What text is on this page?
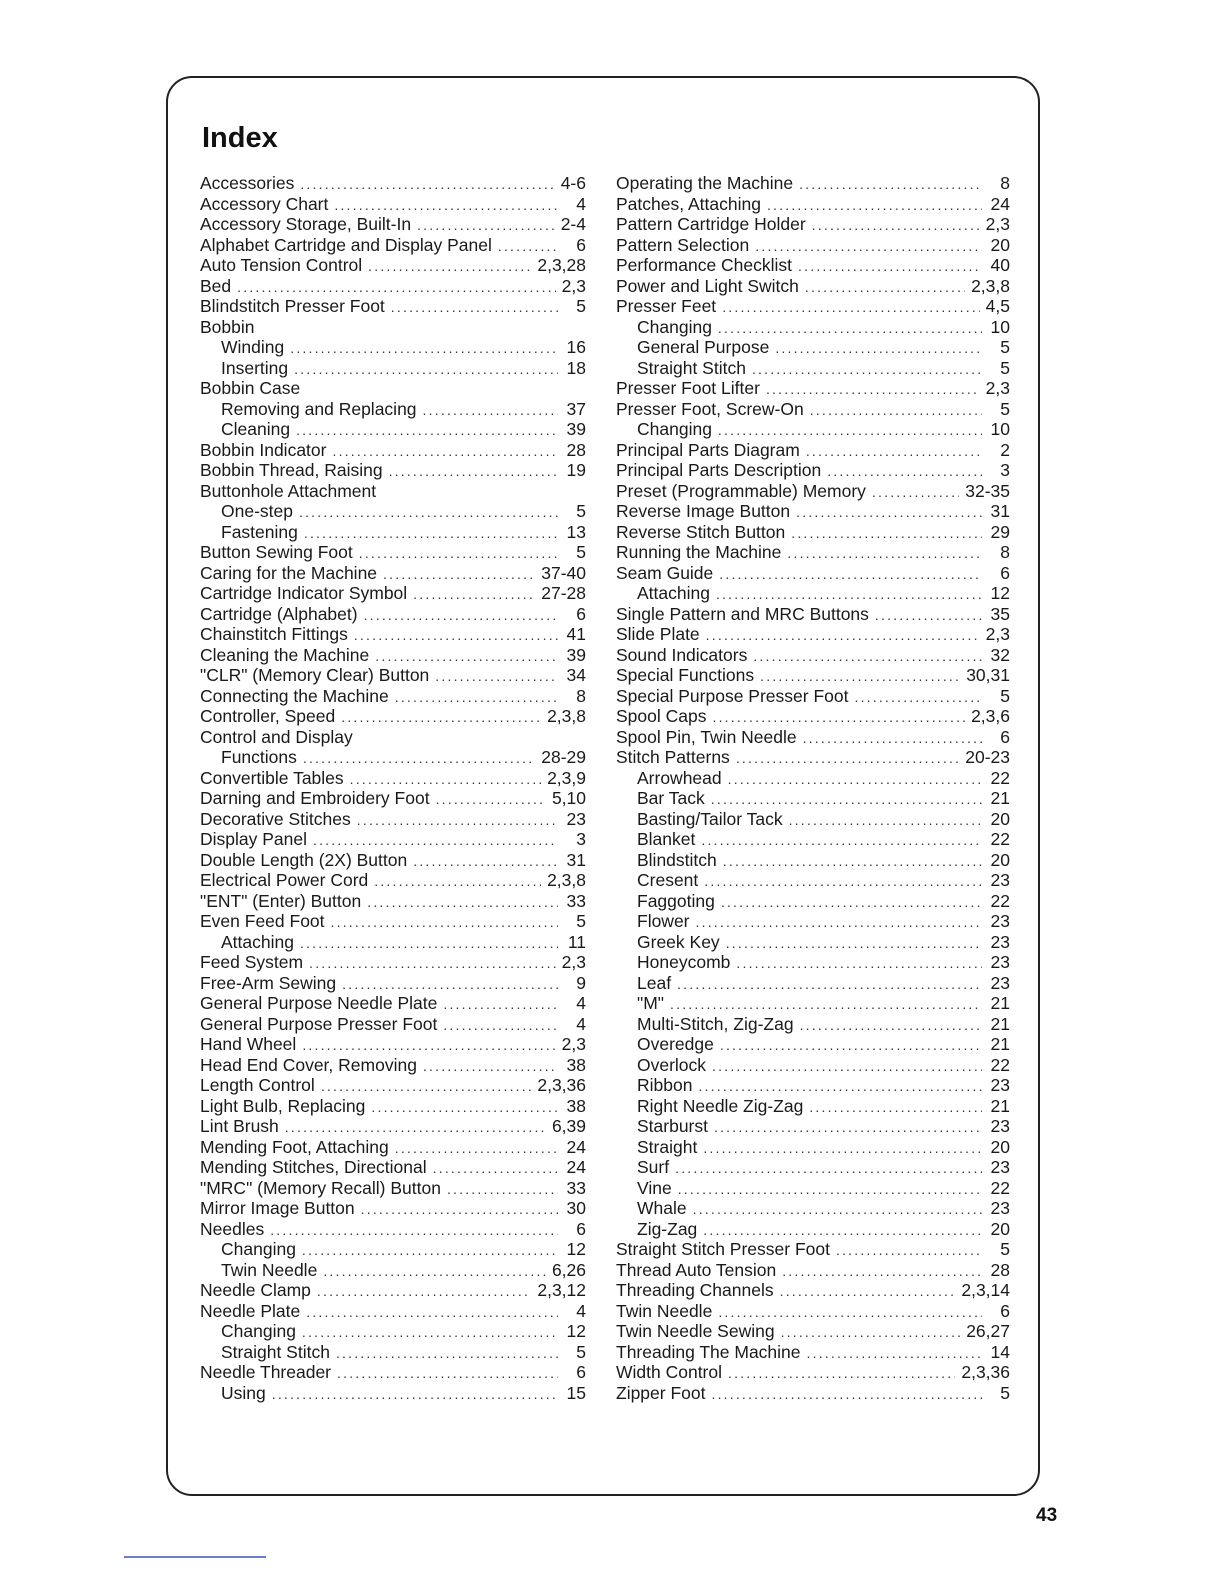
Index
Accessories .....	4-6
Accessory Chart .....	4
Accessory Storage, Built-In .....	2-4
Alphabet Cartridge and Display Panel .....	6
Auto Tension Control .....	2,3,28
Bed .....	2,3
Blindstitch Presser Foot .....	5
Bobbin
Winding .....	16
Inserting .....	18
Bobbin Case
Removing and Replacing .....	37
Cleaning .....	39
Bobbin Indicator .....	28
Bobbin Thread, Raising .....	19
Buttonhole Attachment
One-step .....	5
Fastening .....	13
Button Sewing Foot .....	5
Caring for the Machine .....	37-40
Cartridge Indicator Symbol .....	27-28
Cartridge (Alphabet) .....	6
Chainstitch Fittings .....	41
Cleaning the Machine .....	39
"CLR" (Memory Clear) Button .....	34
Connecting the Machine .....	8
Controller, Speed .....	2,3,8
Control and Display
Functions .....	28-29
Convertible Tables .....	2,3,9
Darning and Embroidery Foot .....	5,10
Decorative Stitches .....	23
Display Panel .....	3
Double Length (2X) Button .....	31
Electrical Power Cord .....	2,3,8
"ENT" (Enter) Button .....	33
Even Feed Foot .....	5
Attaching .....	11
Feed System .....	2,3
Free-Arm Sewing .....	9
General Purpose Needle Plate .....	4
General Purpose Presser Foot .....	4
Hand Wheel .....	2,3
Head End Cover, Removing .....	38
Length Control .....	2,3,36
Light Bulb, Replacing .....	38
Lint Brush .....	6,39
Mending Foot, Attaching .....	24
Mending Stitches, Directional .....	24
"MRC" (Memory Recall) Button .....	33
Mirror Image Button .....	30
Needles .....	6
Changing .....	12
Twin Needle .....	6,26
Needle Clamp .....	2,3,12
Needle Plate .....	4
Changing .....	12
Straight Stitch .....	5
Needle Threader .....	6
Using .....	15
Operating the Machine .....	8
Patches, Attaching .....	24
Pattern Cartridge Holder .....	2,3
Pattern Selection .....	20
Performance Checklist .....	40
Power and Light Switch .....	2,3,8
Presser Feet .....	4,5
Changing .....	10
General Purpose .....	5
Straight Stitch .....	5
Presser Foot Lifter .....	2,3
Presser Foot, Screw-On .....	5
Changing .....	10
Principal Parts Diagram .....	2
Principal Parts Description .....	3
Preset (Programmable) Memory .....	32-35
Reverse Image Button .....	31
Reverse Stitch Button .....	29
Running the Machine .....	8
Seam Guide .....	6
Attaching .....	12
Single Pattern and MRC Buttons .....	35
Slide Plate .....	2,3
Sound Indicators .....	32
Special Functions .....	30,31
Special Purpose Presser Foot .....	5
Spool Caps .....	2,3,6
Spool Pin, Twin Needle .....	6
Stitch Patterns .....	20-23
Arrowhead .....	22
Bar Tack .....	21
Basting/Tailor Tack .....	20
Blanket .....	22
Blindstitch .....	20
Cresent .....	23
Faggoting .....	22
Flower .....	23
Greek Key .....	23
Honeycomb .....	23
Leaf .....	23
"M" .....	21
Multi-Stitch, Zig-Zag .....	21
Overedge .....	21
Overlock .....	22
Ribbon .....	23
Right Needle Zig-Zag .....	21
Starburst .....	23
Straight .....	20
Surf .....	23
Vine .....	22
Whale .....	23
Zig-Zag .....	20
Straight Stitch Presser Foot .....	5
Thread Auto Tension .....	28
Threading Channels .....	2,3,14
Twin Needle .....	6
Twin Needle Sewing .....	26,27
Threading The Machine .....	14
Width Control .....	2,3,36
Zipper Foot .....	5
43
